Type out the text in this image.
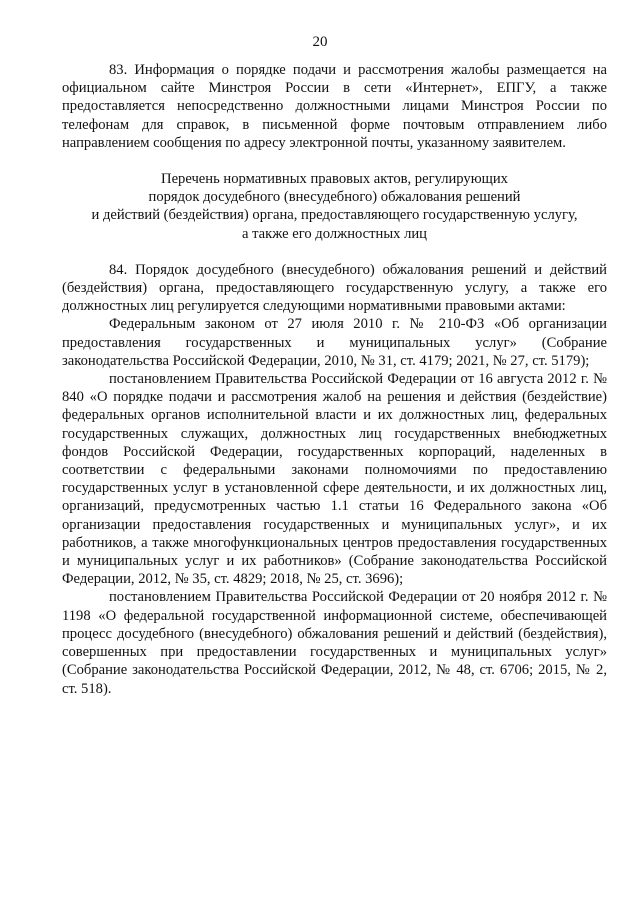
20

83. Информация о порядке подачи и рассмотрения жалобы размещается на официальном сайте Минстроя России в сети «Интернет», ЕПГУ, а также предоставляется непосредственно должностными лицами Минстроя России по телефонам для справок, в письменной форме почтовым отправлением либо направлением сообщения по адресу электронной почты, указанному заявителем.

Перечень нормативных правовых актов, регулирующих
порядок досудебного (внесудебного) обжалования решений
и действий (бездействия) органа, предоставляющего государственную услугу,
а также его должностных лиц

84. Порядок досудебного (внесудебного) обжалования решений и действий (бездействия) органа, предоставляющего государственную услугу, а также его должностных лиц регулируется следующими нормативными правовыми актами:

Федеральным законом от 27 июля 2010 г. № 210-ФЗ «Об организации предоставления государственных и муниципальных услуг» (Собрание законодательства Российской Федерации, 2010, № 31, ст. 4179; 2021, № 27, ст. 5179);

постановлением Правительства Российской Федерации от 16 августа 2012 г. № 840 «О порядке подачи и рассмотрения жалоб на решения и действия (бездействие) федеральных органов исполнительной власти и их должностных лиц, федеральных государственных служащих, должностных лиц государственных внебюджетных фондов Российской Федерации, государственных корпораций, наделенных в соответствии с федеральными законами полномочиями по предоставлению государственных услуг в установленной сфере деятельности, и их должностных лиц, организаций, предусмотренных частью 1.1 статьи 16 Федерального закона «Об организации предоставления государственных и муниципальных услуг», и их работников, а также многофункциональных центров предоставления государственных и муниципальных услуг и их работников» (Собрание законодательства Российской Федерации, 2012, № 35, ст. 4829; 2018, № 25, ст. 3696);

постановлением Правительства Российской Федерации от 20 ноября 2012 г. № 1198 «О федеральной государственной информационной системе, обеспечивающей процесс досудебного (внесудебного) обжалования решений и действий (бездействия), совершенных при предоставлении государственных и муниципальных услуг» (Собрание законодательства Российской Федерации, 2012, № 48, ст. 6706; 2015, № 2, ст. 518).
